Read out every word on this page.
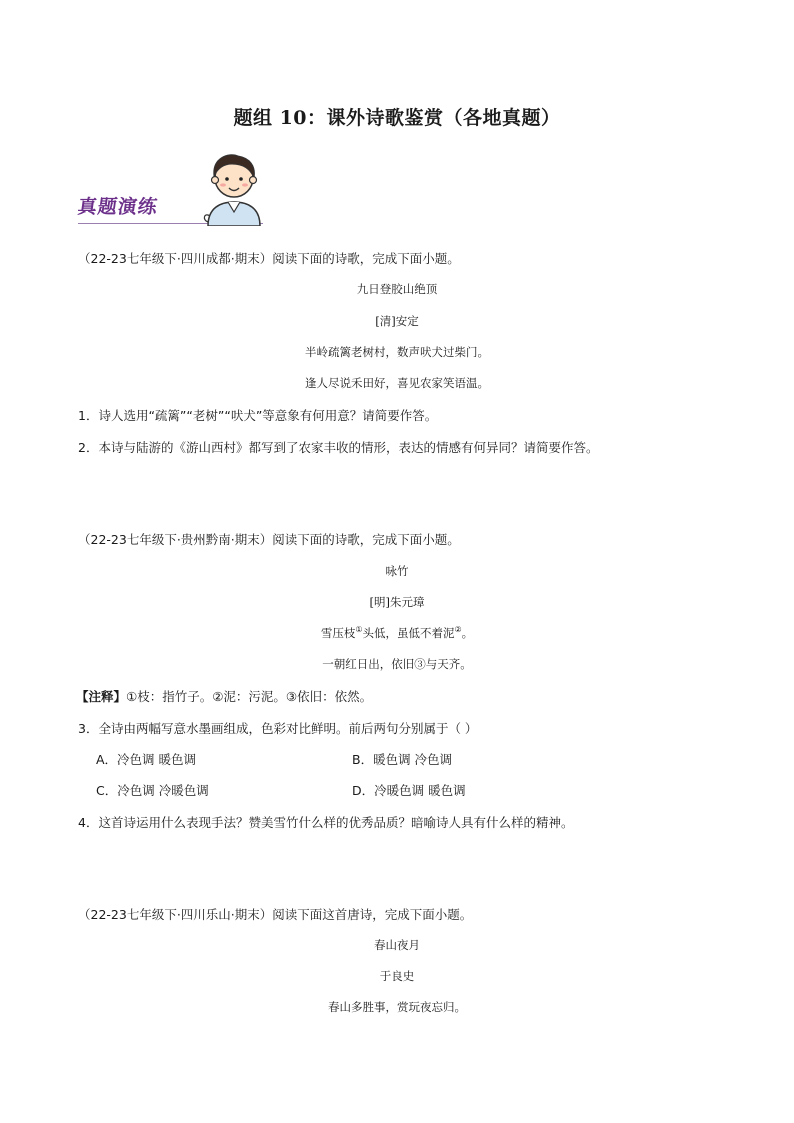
题组 10：课外诗歌鉴赏（各地真题）
真题演练
（22-23七年级下·四川成都·期末）阅读下面的诗歌，完成下面小题。
九日登胶山绝顶
[清]安定
半岭疏篱老树村，数声吠犬过柴门。
逢人尽说禾田好，喜见农家笑语温。
1．诗人选用“疏篱”“老树”“吠犬”等意象有何用意？请简要作答。
2．本诗与陆游的《游山西村》都写到了农家丰收的情形，表达的情感有何异同？请简要作答。
（22-23七年级下·贵州黔南·期末）阅读下面的诗歌，完成下面小题。
咏竹
[明]朱元璋
雪压枝①头低，虽低不着泥②。
一朝红日出，依旧③与天齐。
【注释】①枝：指竹子。②泥：污泥。③依旧：依然。
3．全诗由两幅写意水墨画组成，色彩对比鲜明。前后两句分别属于（ ）
A．冷色调 暖色调	B．暖色调 冷色调
C．冷色调 冷暖色调	D．冷暖色调 暖色调
4．这首诗运用什么表现手法？赞美雪竹什么样的优秀品质？暗喻诗人具有什么样的精神。
（22-23七年级下·四川乐山·期末）阅读下面这首唐诗，完成下面小题。
春山夜月
于良史
春山多胜事，赏玩夜忘归。
